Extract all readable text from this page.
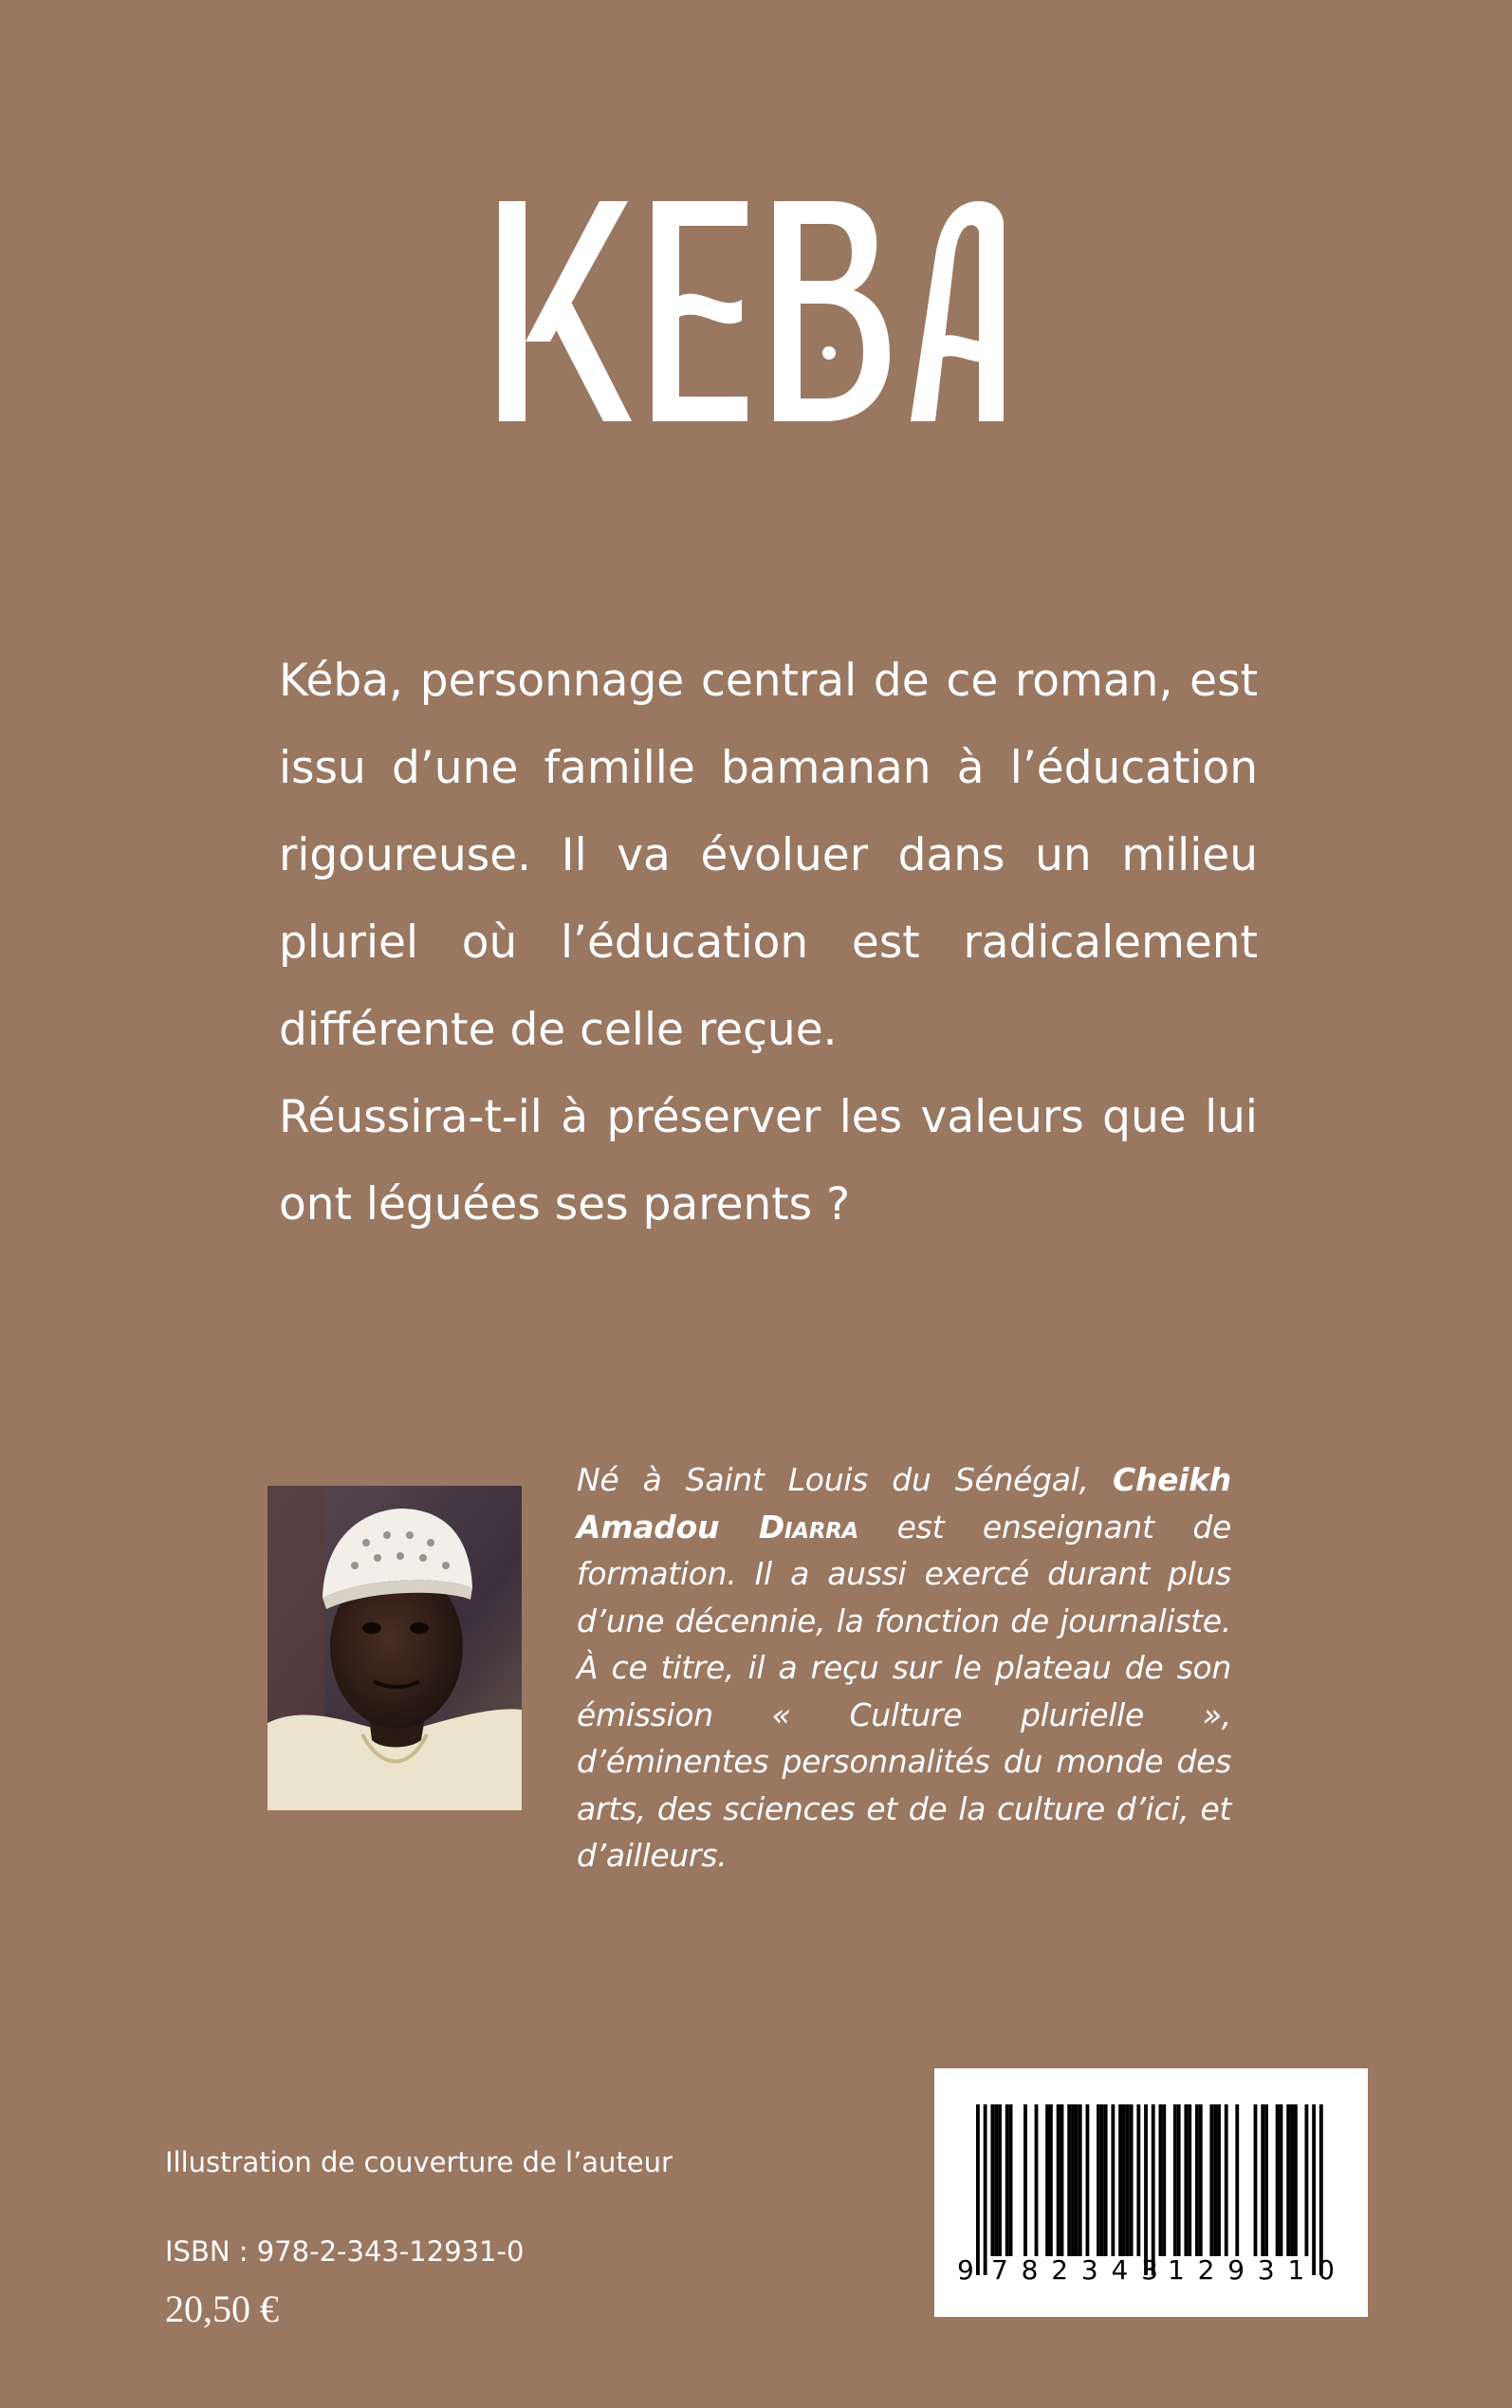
Kéba, personnage central de ce roman, est issu d’une famille bamanan à l’éducation rigoureuse. Il va évoluer dans un milieu pluriel où l’éducation est radicalement différente de celle reçue.

Réussira-t-il à préserver les valeurs que lui ont léguées ses parents ?

Né à Saint Louis du Sénégal, Cheikh Amadou Diarra est enseignant de formation. Il a aussi exercé durant plus d’une décennie, la fonction de journaliste. À ce titre, il a reçu sur le plateau de son émission « Culture plurielle », d’éminentes personnalités du monde des arts, des sciences et de la culture d’ici, et d’ailleurs.

Illustration de couverture de l’auteur
ISBN : 978-2-343-12931-0
20,50 €
9 782343 129310
